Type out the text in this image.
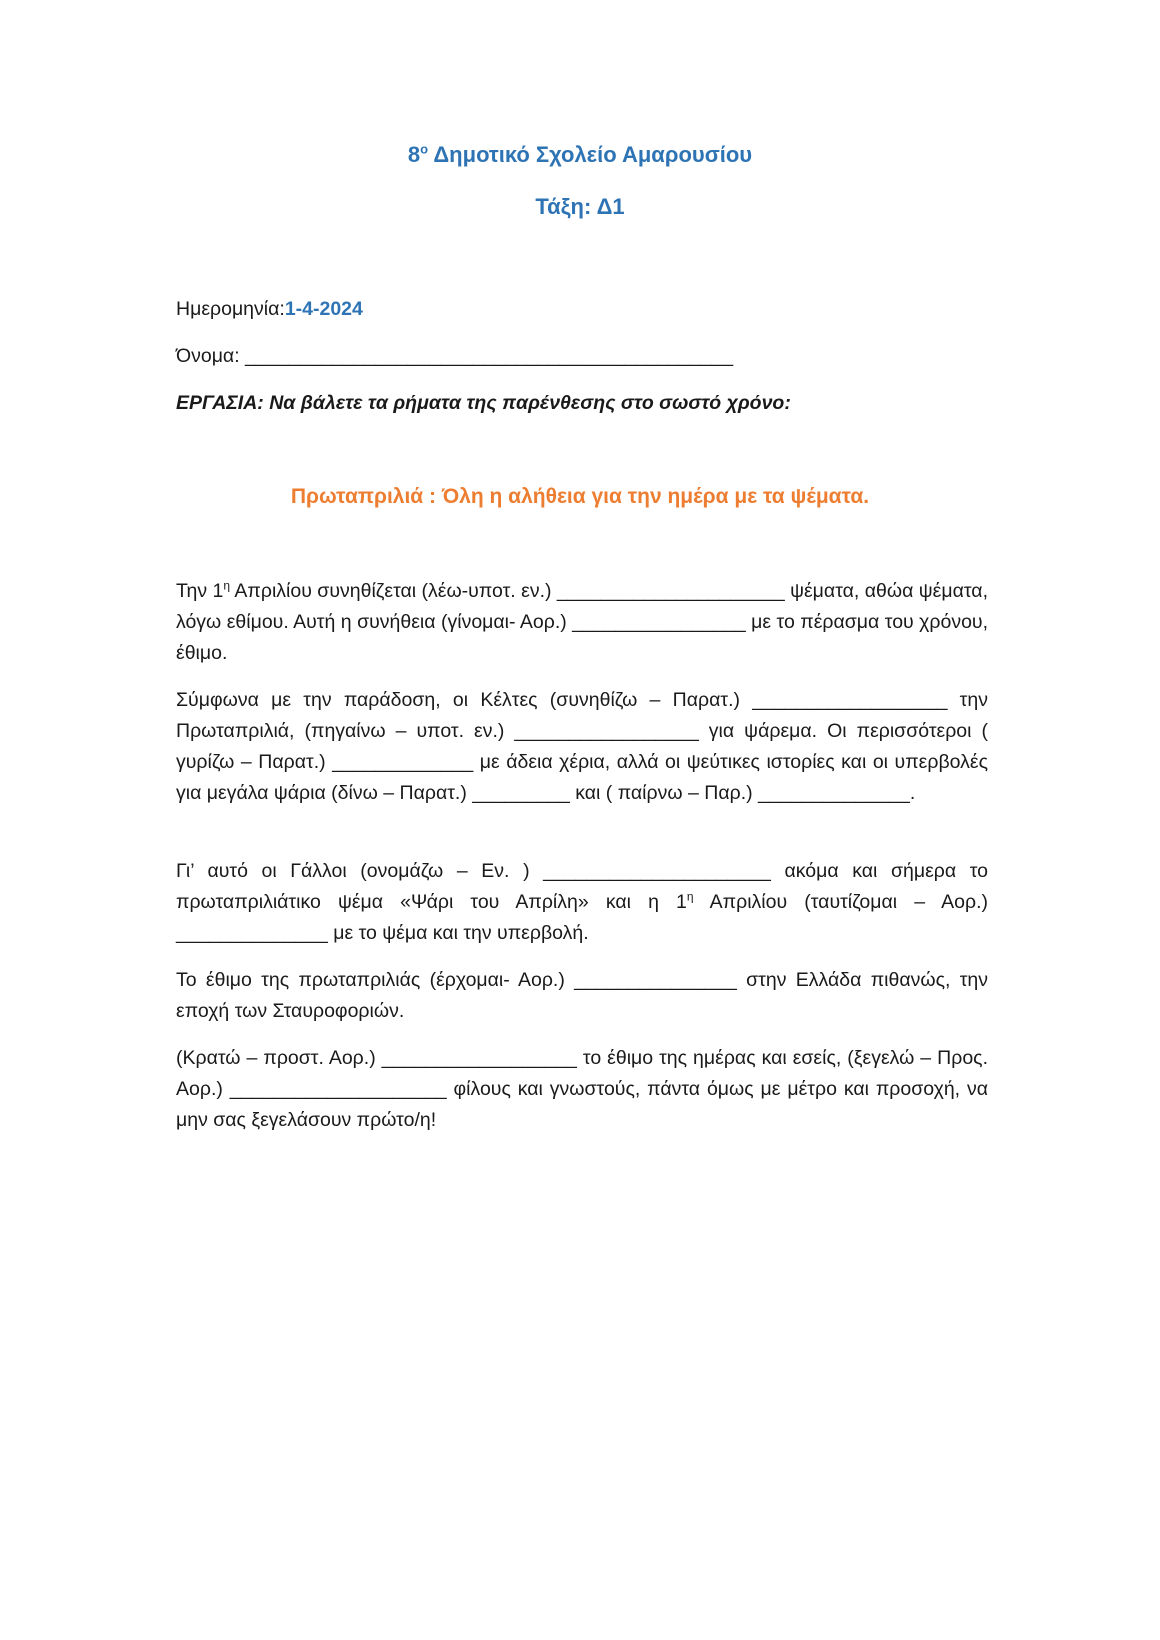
$8^o$ Δημοτικό Σχολείο Αμαρουσίου
Τάξη: Δ1
Ημερομηνία:1-4-2024
Όνομα: _____________________________________________
ΕΡΓΑΣΙΑ: Να βάλετε τα ρήματα της παρένθεσης στο σωστό χρόνο:
Πρωταπριλιά : Όλη η αλήθεια για την ημέρα με τα ψέματα.

Την $1^\eta$ Απριλίου συνηθίζεται (λέω-υποτ. εν.) _____________________ ψέματα, αθώα ψέματα, λόγω εθίμου. Αυτή η συνήθεια (γίνομαι- Αορ.) ________________ με το πέρασμα του χρόνου, έθιμο.

Σύμφωνα με την παράδοση, οι Κέλτες (συνηθίζω – Παρατ.) __________________ την Πρωταπριλιά, (πηγαίνω – υποτ. εν.) _________________ για ψάρεμα. Οι περισσότεροι ( γυρίζω – Παρατ.) _____________ με άδεια χέρια, αλλά οι ψεύτικες ιστορίες και οι υπερβολές για μεγάλα ψάρια (δίνω – Παρατ.) _________ και ( παίρνω – Παρ.) ______________.

Γι’ αυτό οι Γάλλοι (ονομάζω – Εν. ) _____________________ ακόμα και σήμερα το πρωταπριλιάτικο ψέμα «Ψάρι του Απρίλη» και η $1^\eta$ Απριλίου (ταυτίζομαι – Αορ.) ______________ με το ψέμα και την υπερβολή.

Το έθιμο της πρωταπριλιάς (έρχομαι- Αορ.) _______________ στην Ελλάδα πιθανώς, την εποχή των Σταυροφοριών.

(Κρατώ – προστ. Αορ.) __________________ το έθιμο της ημέρας και εσείς, (ξεγελώ – Προς. Αορ.) ____________________ φίλους και γνωστούς, πάντα όμως με μέτρο και προσοχή, να μην σας ξεγελάσουν πρώτο/η!
